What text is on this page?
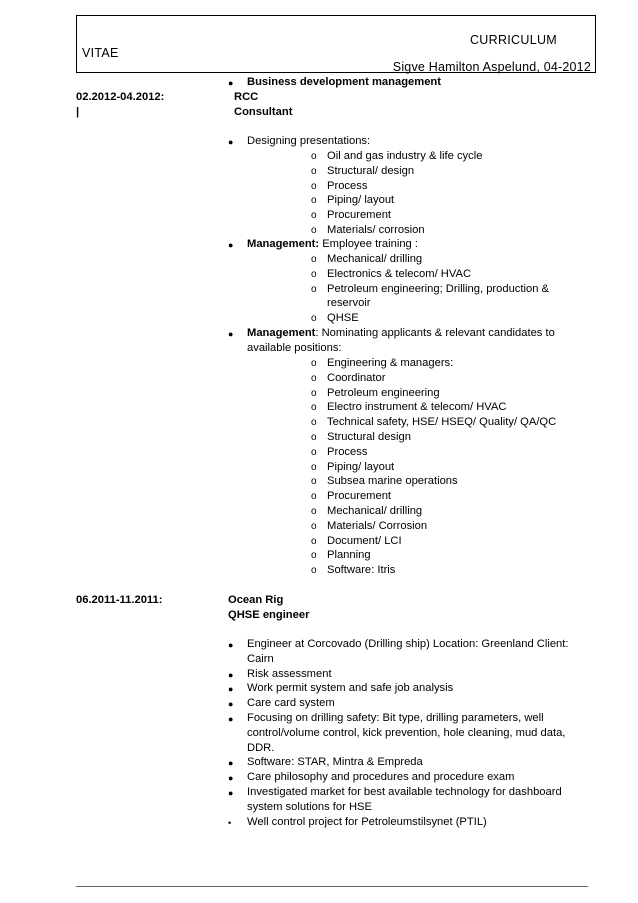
CURRICULUM
VITAE
Sigve Hamilton Aspelund, 04-2012
● Business development management
02.2012-04.2012:
|
RCC
Consultant
● Designing presentations:
o Oil and gas industry & life cycle
o Structural/ design
o Process
o Piping/ layout
o Procurement
o Materials/ corrosion
● Management: Employee training :
o Mechanical/ drilling
o Electronics & telecom/ HVAC
o Petroleum engineering; Drilling, production &
reservoir
o QHSE
● Management: Nominating applicants & relevant candidates to
available positions:
o Engineering & managers:
o Coordinator
o Petroleum engineering
o Electro instrument & telecom/ HVAC
o Technical safety, HSE/ HSEQ/ Quality/ QA/QC
o Structural design
o Process
o Piping/ layout
o Subsea marine operations
o Procurement
o Mechanical/ drilling
o Materials/ Corrosion
o Document/ LCI
o Planning
o Software: Itris
06.2011-11.2011:	Ocean Rig
QHSE engineer
● Engineer at Corcovado (Drilling ship) Location: Greenland Client:
Cairn
● Risk assessment
● Work permit system and safe job analysis
● Care card system
● Focusing on drilling safety: Bit type, drilling parameters, well
control/volume control, kick prevention, hole cleaning, mud data,
DDR.
● Software: STAR, Mintra & Empreda
● Care philosophy and procedures and procedure exam
● Investigated market for best available technology for dashboard
system solutions for HSE
• Well control project for Petroleumstilsynet (PTIL)
